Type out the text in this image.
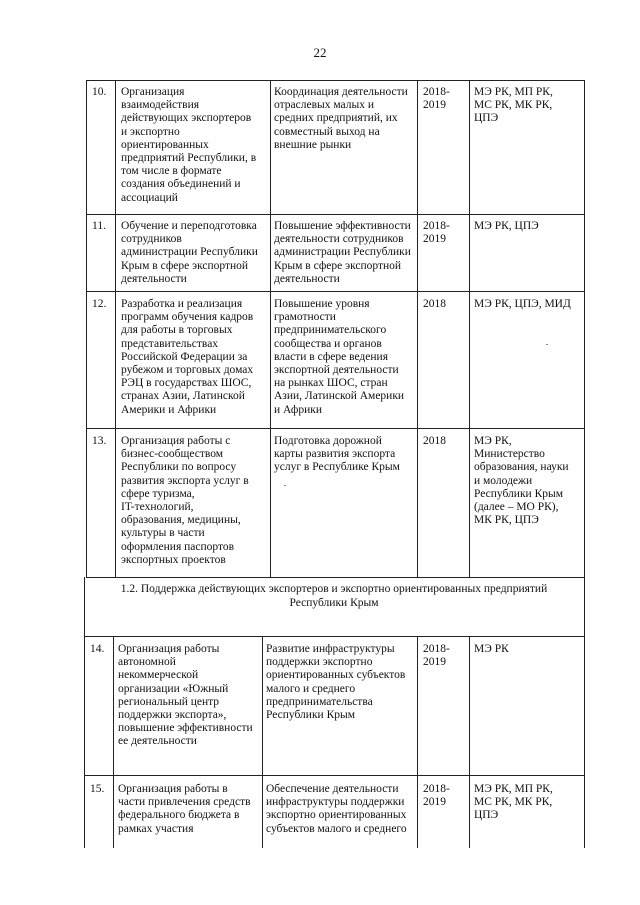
22
10. Организация
взаимодействия
действующих экспортеров
и экспортно
ориентированных
предприятий Республики, в
том числе в формате
создания объединений и
ассоциаций
Координация деятельности
отраслевых малых и
средних предприятий, их
совместный выход на
внешние рынки
2018-
2019
МЭ РК, МП РК,
МС РК, МК РК,
ЦПЭ
11. Обучение и переподготовка
сотрудников
администрации Республики
Крым в сфере экспортной
деятельности
Повышение эффективности
деятельности сотрудников
администрации Республики
Крым в сфере экспортной
деятельности
2018-
2019
МЭ РК, ЦПЭ
12. Разработка и реализация
программ обучения кадров
для работы в торговых
представительствах
Российской Федерации за
рубежом и торговых домах
РЭЦ в государствах ШОС,
странах Азии, Латинской
Америки и Африки
Повышение уровня
грамотности
предпринимательского
сообщества и органов
власти в сфере ведения
экспортной деятельности
на рынках ШОС, стран
Азии, Латинской Америки
и Африки
2018	МЭ РК, ЦПЭ, МИД
13. Организация работы с
бизнес-сообществом
Республики по вопросу
развития экспорта услуг в
сфере туризма,
IT-технологий,
образования, медицины,
культуры в части
оформления паспортов
экспортных проектов
Подготовка дорожной
карты развития экспорта
услуг в Республике Крым
2018	МЭ РК,
Министерство
образования, науки
и молодежи
Республики Крым
(далее – МО РК),
МК РК, ЦПЭ
1.2. Поддержка действующих экспортеров и экспортно ориентированных предприятий
Республики Крым
14. Организация работы
автономной
некоммерческой
организации «Южный
региональный центр
поддержки экспорта»,
повышение эффективности
ее деятельности
Развитие инфраструктуры
поддержки экспортно
ориентированных субъектов
малого и среднего
предпринимательства
Республики Крым
2018-
2019
МЭ РК
15. Организация работы в
части привлечения средств
федерального бюджета в
рамках участия
Обеспечение деятельности
инфраструктуры поддержки
экспортно ориентированных
субъектов малого и среднего
2018-
2019
МЭ РК, МП РК,
МС РК, МК РК,
ЦПЭ
